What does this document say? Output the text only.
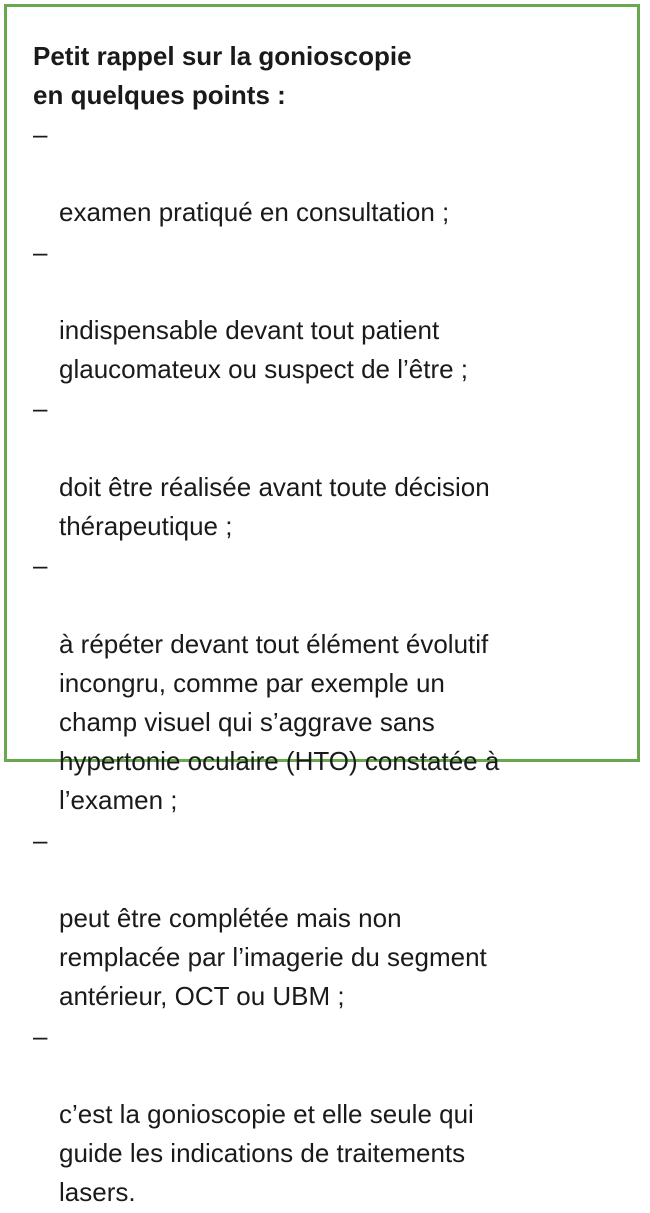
Petit rappel sur la gonioscopie
en quelques points :

–

examen pratiqué en consultation ;

–

indispensable devant tout patient
glaucomateux ou suspect de l’être ;

–

doit être réalisée avant toute décision
thérapeutique ;

–

à répéter devant tout élément évolutif
incongru, comme par exemple un
champ visuel qui s’aggrave sans
hypertonie oculaire (HTO) constatée à
l’examen ;

–

peut être complétée mais non
remplacée par l’imagerie du segment
antérieur, OCT ou UBM ;

–

c’est la gonioscopie et elle seule qui
guide les indications de traitements
lasers.
